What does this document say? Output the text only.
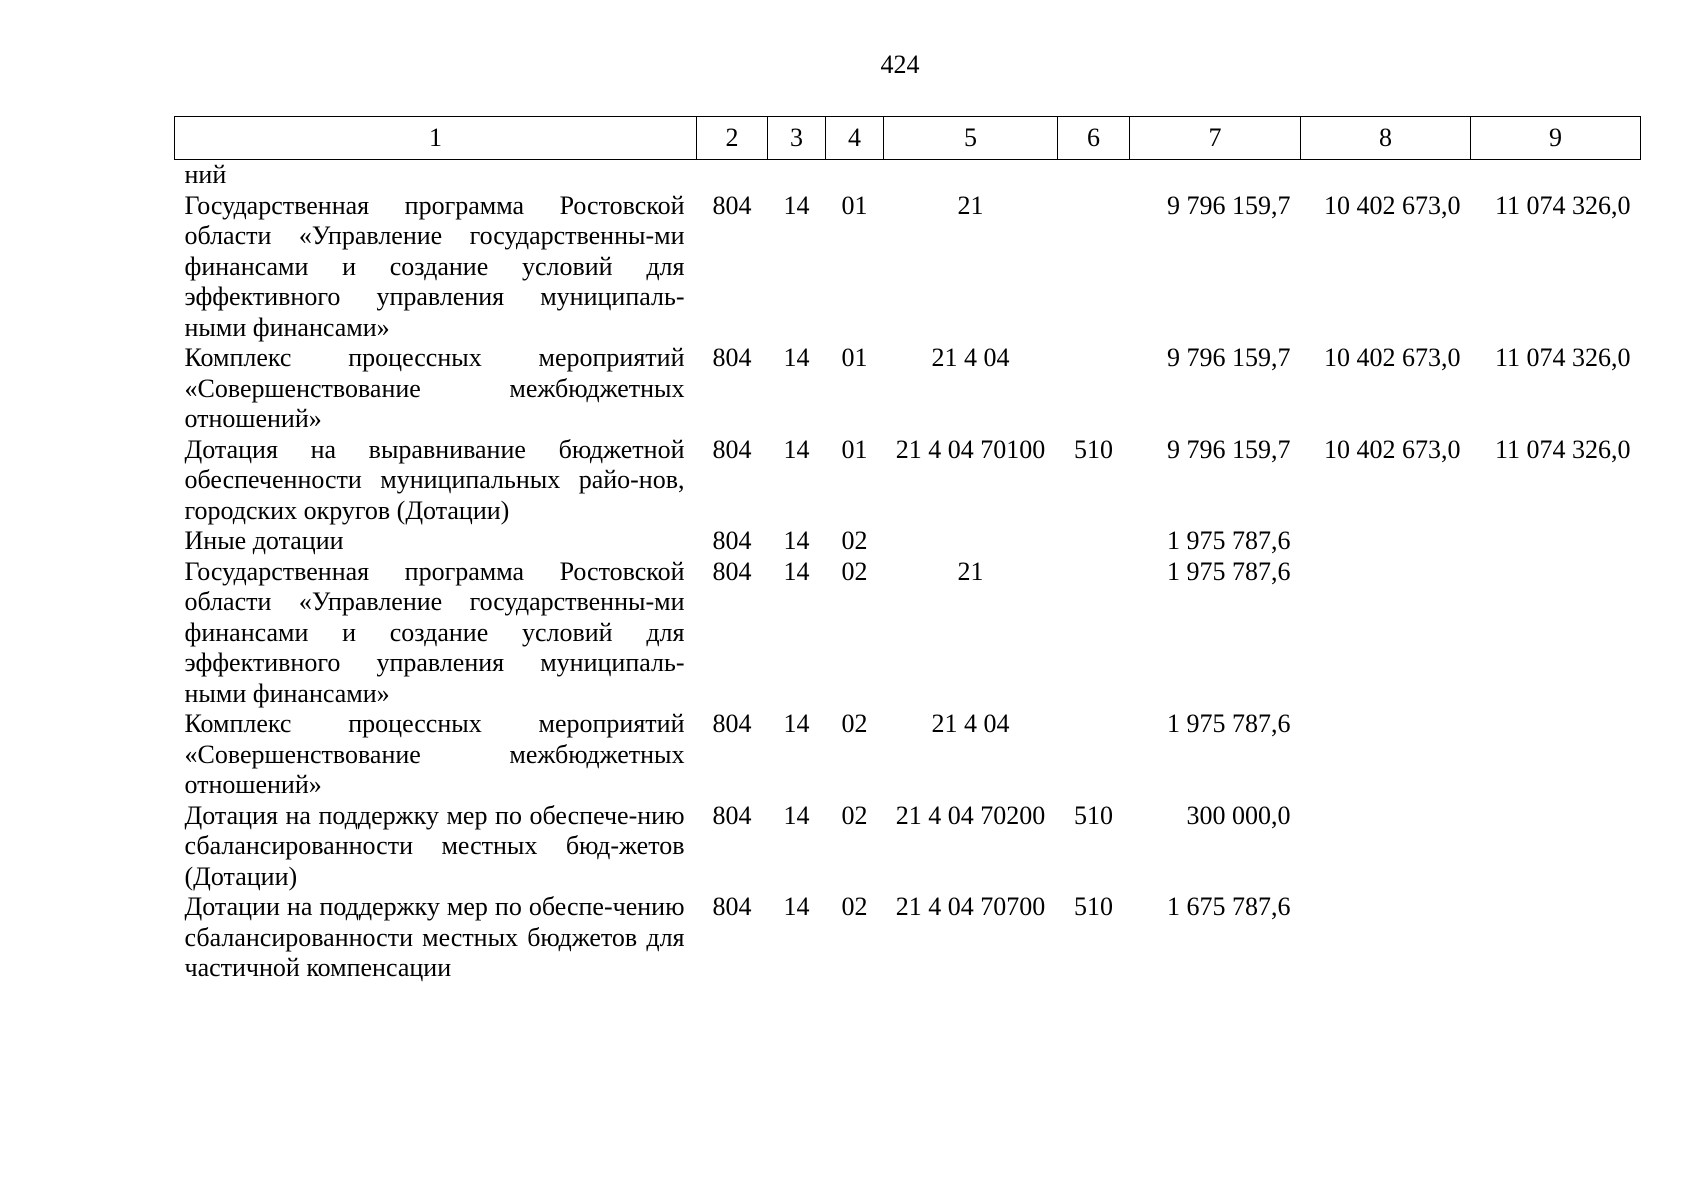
424
1	2	3	4	5	6	7	8	9
ний								
Государственная программа Ростовской области «Управление государственны-ми финансами и создание условий для эффективного управления муниципаль-ными финансами»	804	14	01	21		9 796 159,7	10 402 673,0	11 074 326,0
Комплекс процессных мероприятий «Совершенствование межбюджетных отношений»	804	14	01	21 4 04		9 796 159,7	10 402 673,0	11 074 326,0
Дотация на выравнивание бюджетной обеспеченности муниципальных райо-нов, городских округов (Дотации)	804	14	01	21 4 04 70100	510	9 796 159,7	10 402 673,0	11 074 326,0
Иные дотации	804	14	02			1 975 787,6		
Государственная программа Ростовской области «Управление государственны-ми финансами и создание условий для эффективного управления муниципаль-ными финансами»	804	14	02	21		1 975 787,6		
Комплекс процессных мероприятий «Совершенствование межбюджетных отношений»	804	14	02	21 4 04		1 975 787,6		
Дотация на поддержку мер по обеспече-нию сбалансированности местных бюд-жетов (Дотации)	804	14	02	21 4 04 70200	510	300 000,0		
Дотации на поддержку мер по обеспе-чению сбалансированности местных бюджетов для частичной компенсации	804	14	02	21 4 04 70700	510	1 675 787,6		
